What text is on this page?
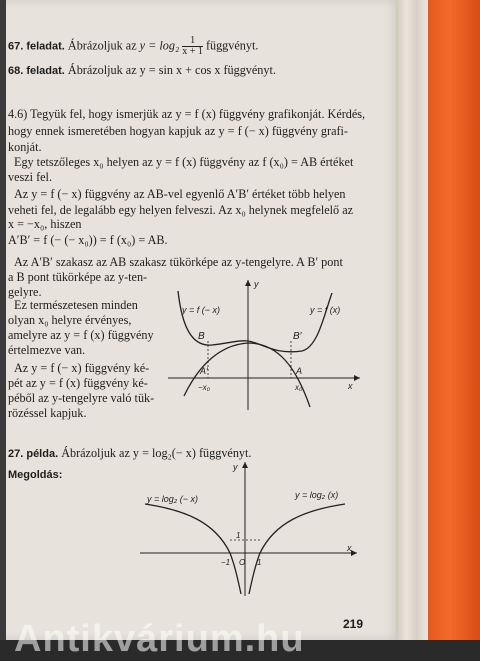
67. feladat. Ábrázoljuk az $y = \log_2 \frac{1}{x + 1}$ függvényt.

68. feladat. Ábrázoljuk az y = sin x + cos x függvényt.

4.6) Tegyük fel, hogy ismerjük az y = f (x) függvény grafikonját. Kérdés,

hogy ennek ismeretében hogyan kapjuk az y = f (− x) függvény grafi-

konját.

Egy tetszőleges x₀ helyen az y = f (x) függvény az f (x₀) = AB értéket

veszi fel.

Az y = f (− x) függvény az AB-vel egyenlő A′B′ értéket több helyen

veheti fel, de legalább egy helyen felveszi. Az x₀ helynek megfelelő az

x = −x₀, hiszen

A′B′ = f (− (− x₀)) = f (x₀) = AB.

Az A′B′ szakasz az AB szakasz tükörképe az y-tengelyre. A B′ pont

a B pont tükörképe az y-ten-

gelyre.

Ez természetesen minden

olyan x₀ helyre érvényes,

amelyre az y = f (x) függvény

értelmezve van.

Az y = f (− x) függvény ké-

pét az y = f (x) függvény ké-

péből az y-tengelyre való tük-

rözéssel kapjuk.

y
x
y = f (− x)	y = f (x)
B	B′
A′	A
−x₀	x₀

27. példa. Ábrázoljuk az y = log₂(− x) függvényt.

Megoldás:

y
x
y = log₂ (− x)	y = log₂ (x)
1
−1 O 1
219
Antikvárium.hu
